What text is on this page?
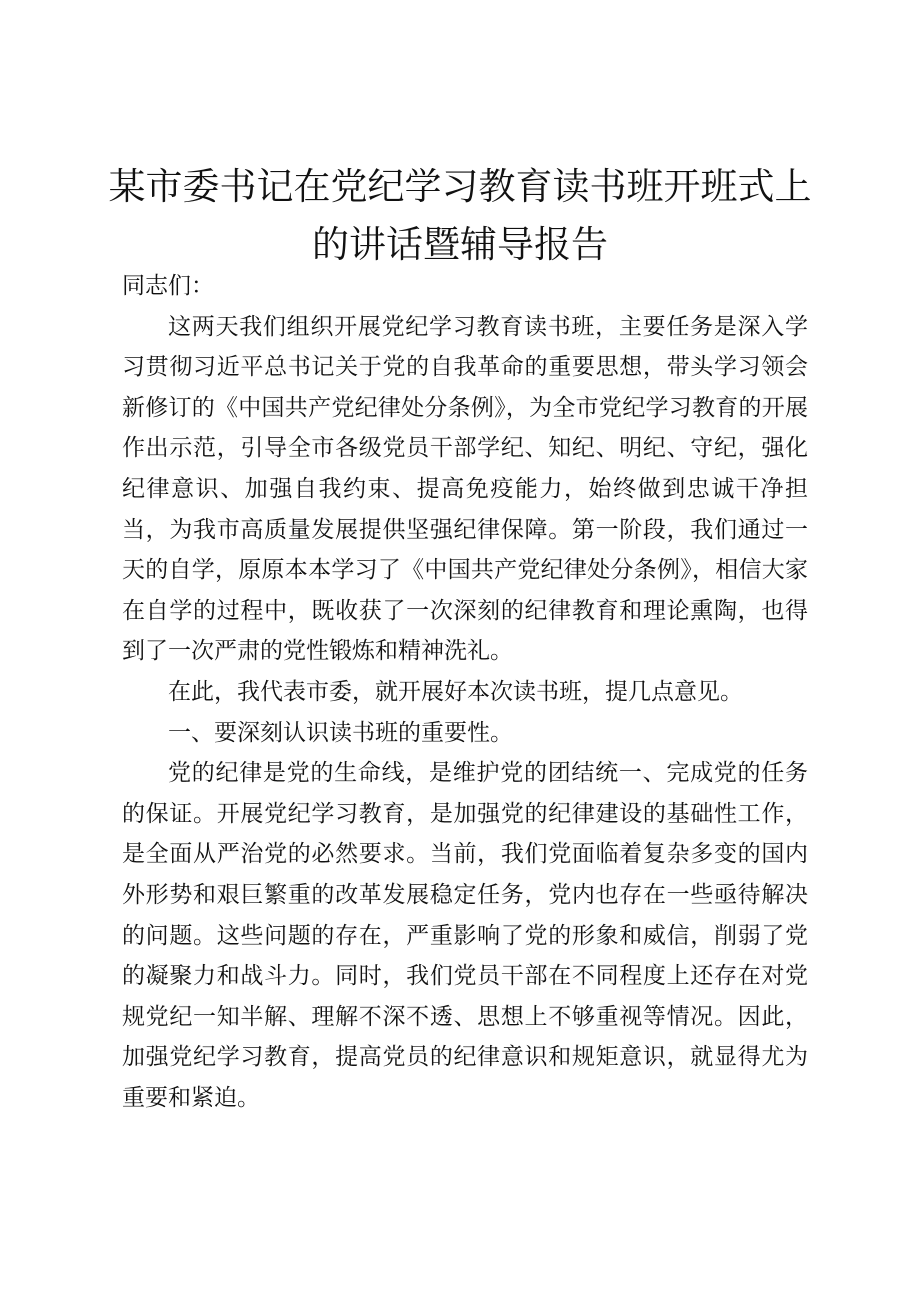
某市委书记在党纪学习教育读书班开班式上的讲话暨辅导报告

同志们：

这两天我们组织开展党纪学习教育读书班，主要任务是深入学习贯彻习近平总书记关于党的自我革命的重要思想，带头学习领会新修订的《中国共产党纪律处分条例》，为全市党纪学习教育的开展作出示范，引导全市各级党员干部学纪、知纪、明纪、守纪，强化纪律意识、加强自我约束、提高免疫能力，始终做到忠诚干净担当，为我市高质量发展提供坚强纪律保障。第一阶段，我们通过一天的自学，原原本本学习了《中国共产党纪律处分条例》，相信大家在自学的过程中，既收获了一次深刻的纪律教育和理论熏陶，也得到了一次严肃的党性锻炼和精神洗礼。

在此，我代表市委，就开展好本次读书班，提几点意见。

一、要深刻认识读书班的重要性。

党的纪律是党的生命线，是维护党的团结统一、完成党的任务的保证。开展党纪学习教育，是加强党的纪律建设的基础性工作，是全面从严治党的必然要求。当前，我们党面临着复杂多变的国内外形势和艰巨繁重的改革发展稳定任务，党内也存在一些亟待解决的问题。这些问题的存在，严重影响了党的形象和威信，削弱了党的凝聚力和战斗力。同时，我们党员干部在不同程度上还存在对党规党纪一知半解、理解不深不透、思想上不够重视等情况。因此，加强党纪学习教育，提高党员的纪律意识和规矩意识，就显得尤为重要和紧迫。
